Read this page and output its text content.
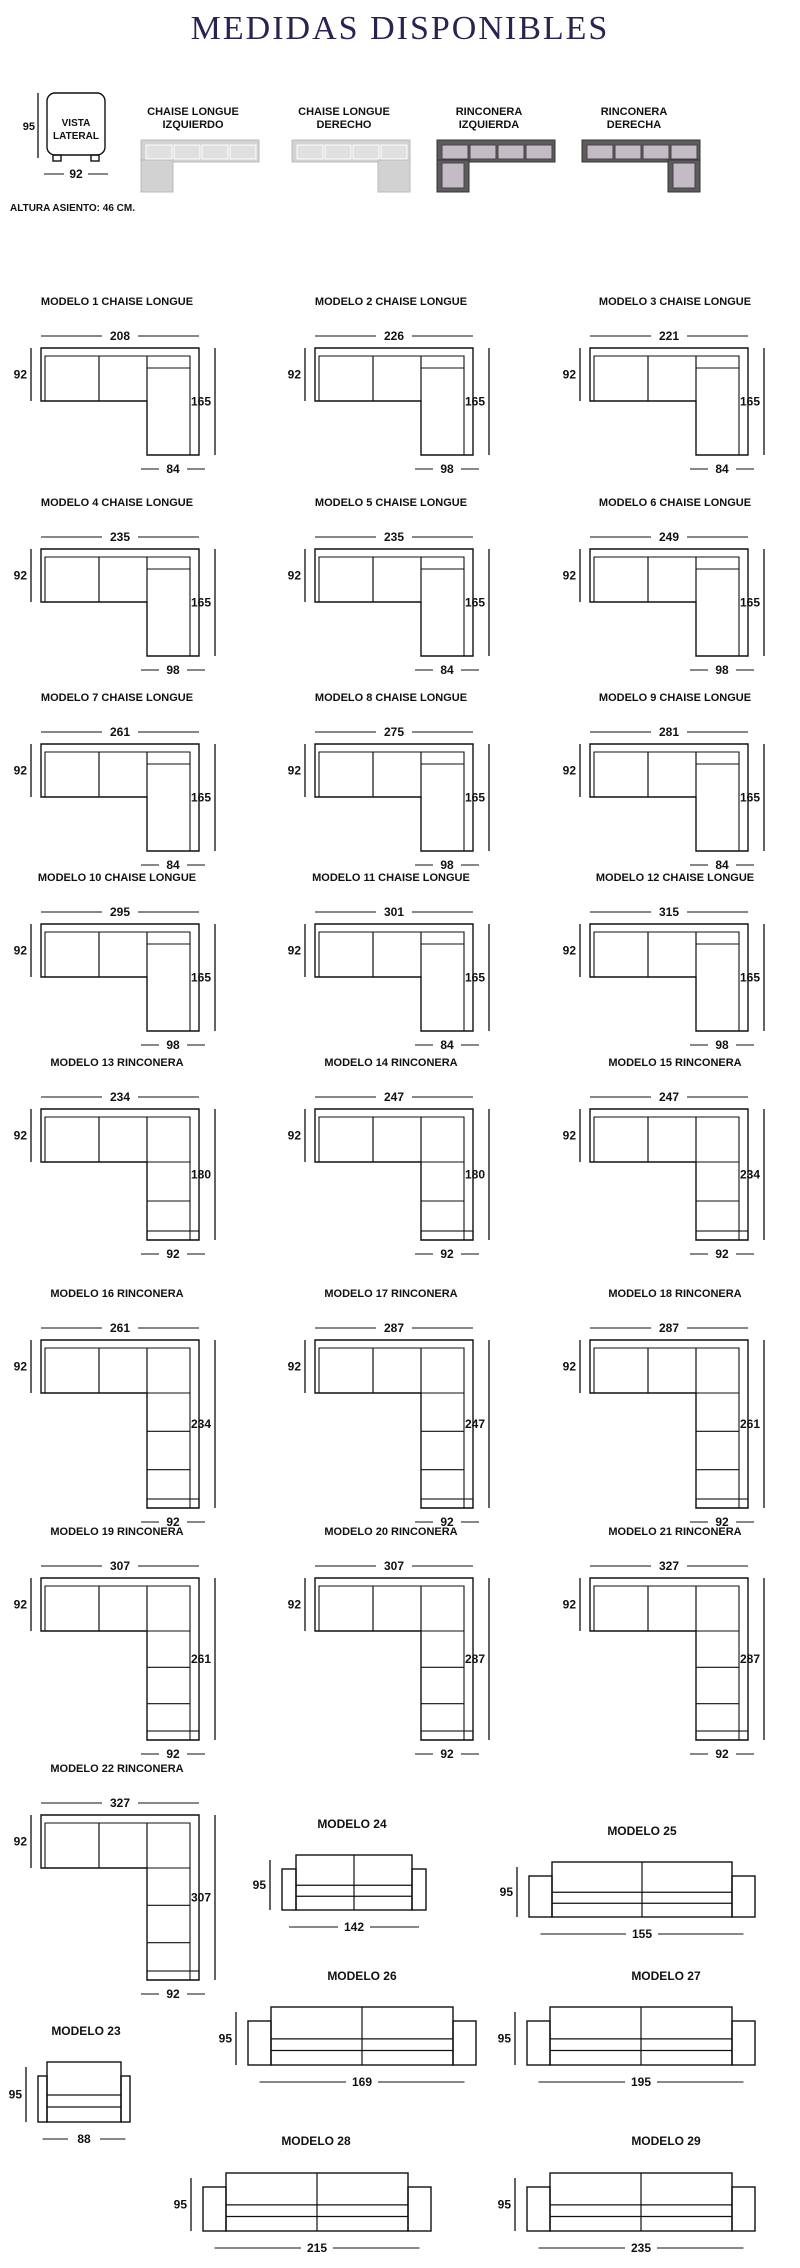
MEDIDAS DISPONIBLES
VISTA
LATERAL
95
92
ALTURA ASIENTO: 46 CM.
CHAISE LONGUE
IZQUIERDO
CHAISE LONGUE
DERECHO
RINCONERA
IZQUIERDA
RINCONERA
DERECHA
MODELO 1 CHAISE LONGUE
208
92
165
84
MODELO 2 CHAISE LONGUE
226
92
165
98
MODELO 3 CHAISE LONGUE
221
92
165
84
MODELO 4 CHAISE LONGUE
235
92
165
98
MODELO 5 CHAISE LONGUE
235
92
165
84
MODELO 6 CHAISE LONGUE
249
92
165
98
MODELO 7 CHAISE LONGUE
261
92
165
84
MODELO 8 CHAISE LONGUE
275
92
165
98
MODELO 9 CHAISE LONGUE
281
92
165
84
MODELO 10 CHAISE LONGUE
295
92
165
98
MODELO 11 CHAISE LONGUE
301
92
165
84
MODELO 12 CHAISE LONGUE
315
92
165
98
MODELO 13 RINCONERA
234
92
180
92
MODELO 14 RINCONERA
247
92
180
92
MODELO 15 RINCONERA
247
92
234
92
MODELO 16 RINCONERA
261
92
234
92
MODELO 17 RINCONERA
287
92
247
92
MODELO 18 RINCONERA
287
92
261
92
MODELO 19 RINCONERA
307
92
261
92
MODELO 20 RINCONERA
307
92
287
92
MODELO 21 RINCONERA
327
92
287
92
MODELO 22 RINCONERA
327
92
307
92
MODELO 24
95
142
MODELO 25
95
155
MODELO 26
95
169
MODELO 27
95
195
MODELO 23
95
88	MODELO 28
95
215
MODELO 29
95
235
